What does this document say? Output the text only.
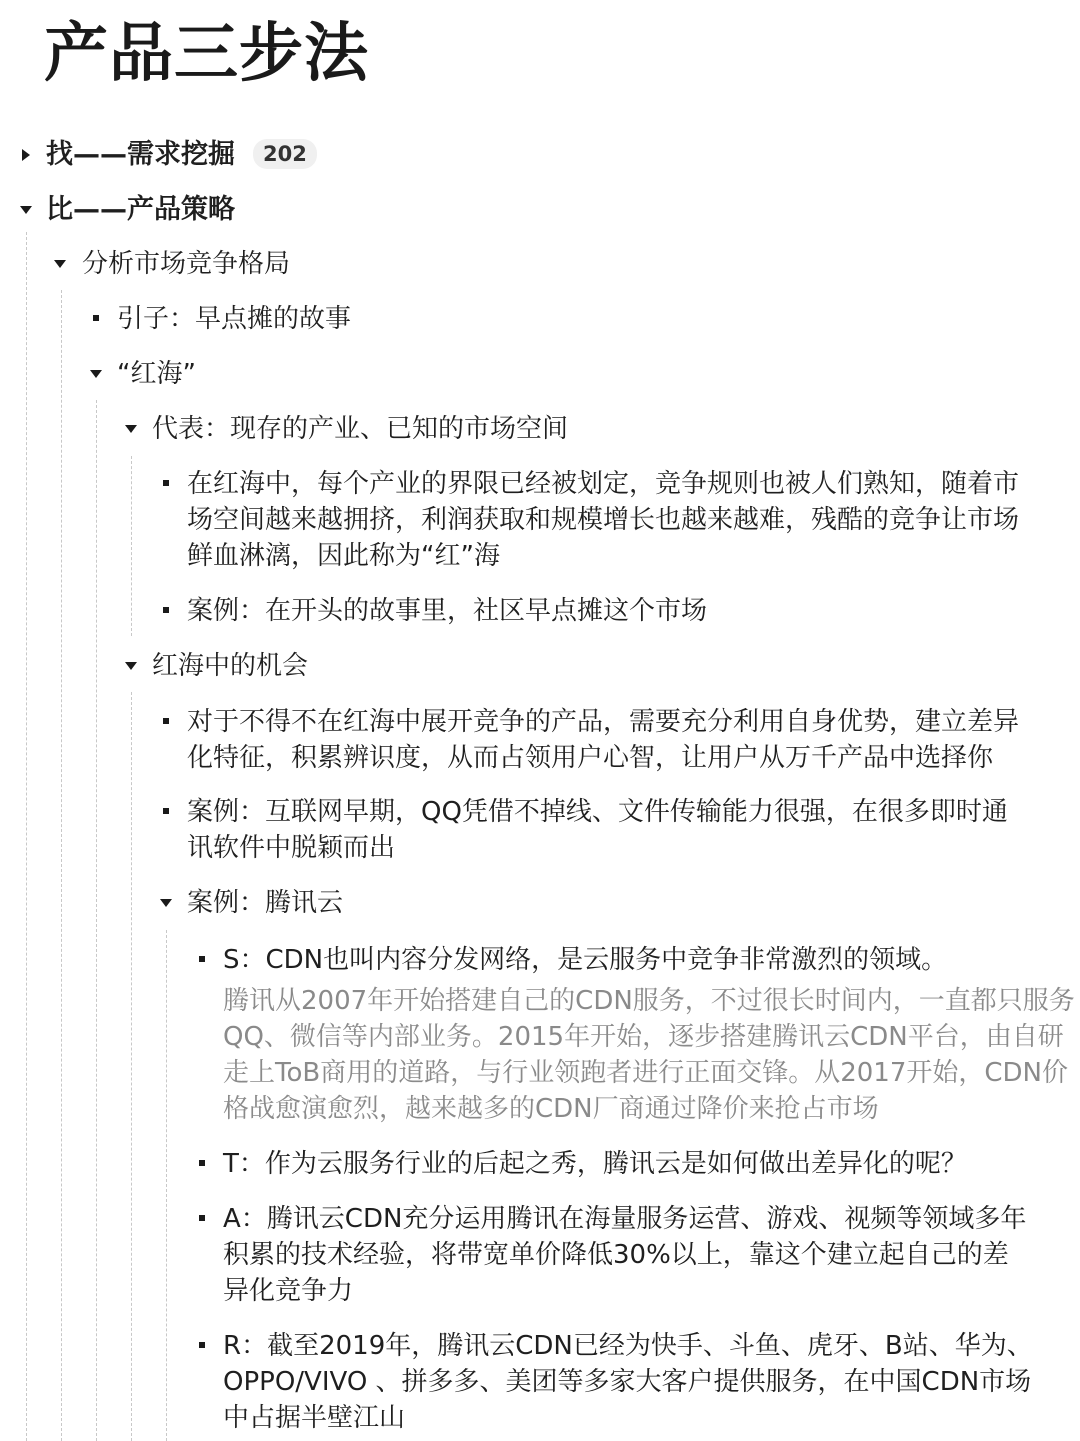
产品三步法
找——需求挖掘 202
比——产品策略
分析市场竞争格局
引子：早点摊的故事
“红海”
代表：现存的产业、已知的市场空间
在红海中，每个产业的界限已经被划定，竞争规则也被人们熟知，随着市
场空间越来越拥挤，利润获取和规模增长也越来越难，残酷的竞争让市场
鲜血淋漓，因此称为“红”海
案例：在开头的故事里，社区早点摊这个市场
红海中的机会
对于不得不在红海中展开竞争的产品，需要充分利用自身优势，建立差异
化特征，积累辨识度，从而占领用户心智，让用户从万千产品中选择你
案例：互联网早期，QQ凭借不掉线、文件传输能力很强，在很多即时通
讯软件中脱颖而出
案例：腾讯云
S：CDN也叫内容分发网络，是云服务中竞争非常激烈的领域。
腾讯从2007年开始搭建自己的CDN服务，不过很长时间内，一直都只服务
QQ、微信等内部业务。2015年开始，逐步搭建腾讯云CDN平台，由自研
走上ToB商用的道路，与行业领跑者进行正面交锋。从2017开始，CDN价
格战愈演愈烈，越来越多的CDN厂商通过降价来抢占市场
T：作为云服务行业的后起之秀，腾讯云是如何做出差异化的呢？
A：腾讯云CDN充分运用腾讯在海量服务运营、游戏、视频等领域多年
积累的技术经验，将带宽单价降低30%以上，靠这个建立起自己的差
异化竞争力
R：截至2019年，腾讯云CDN已经为快手、斗鱼、虎牙、B站、华为、
OPPO/VIVO 、拼多多、美团等多家大客户提供服务，在中国CDN市场
中占据半壁江山
